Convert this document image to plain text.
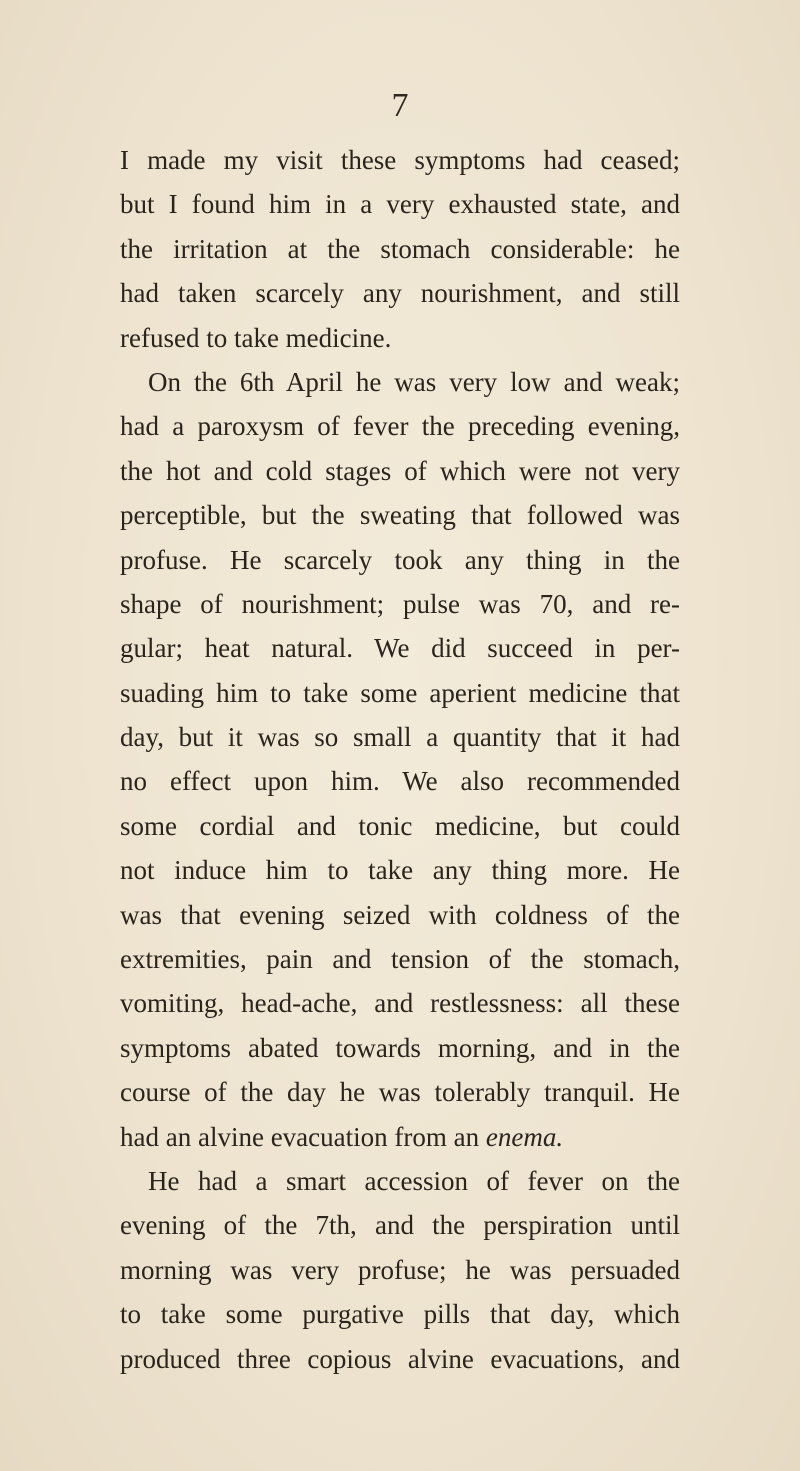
7
I made my visit these symptoms had ceased;
but I found him in a very exhausted state, and
the irritation at the stomach considerable: he
had taken scarcely any nourishment, and still
refused to take medicine.
On the 6th April he was very low and weak;
had a paroxysm of fever the preceding evening,
the hot and cold stages of which were not very
perceptible, but the sweating that followed was
profuse. He scarcely took any thing in the
shape of nourishment; pulse was 70, and re-
gular; heat natural. We did succeed in per-
suading him to take some aperient medicine that
day, but it was so small a quantity that it had
no effect upon him. We also recommended
some cordial and tonic medicine, but could
not induce him to take any thing more. He
was that evening seized with coldness of the
extremities, pain and tension of the stomach,
vomiting, head-ache, and restlessness: all these
symptoms abated towards morning, and in the
course of the day he was tolerably tranquil. He
had an alvine evacuation from an enema.
He had a smart accession of fever on the
evening of the 7th, and the perspiration until
morning was very profuse; he was persuaded
to take some purgative pills that day, which
produced three copious alvine evacuations, and
